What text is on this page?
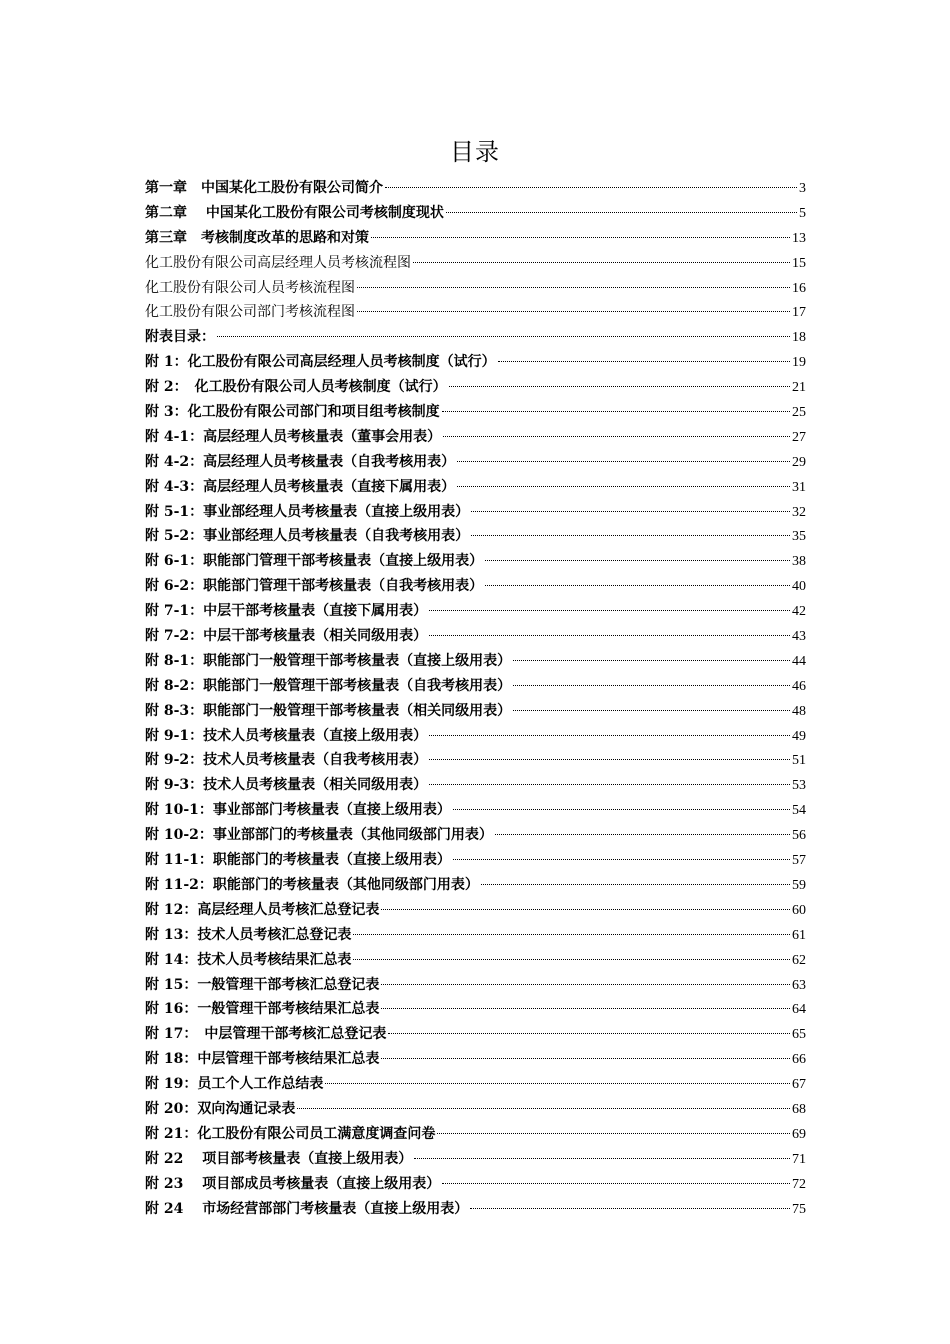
目录
第一章　中国某化工股份有限公司简介	3
第二章　 中国某化工股份有限公司考核制度现状	5
第三章　考核制度改革的思路和对策	13
化工股份有限公司高层经理人员考核流程图	15
化工股份有限公司人员考核流程图	16
化工股份有限公司部门考核流程图	17
附表目录：	18
附 1：化工股份有限公司高层经理人员考核制度（试行）	19
附 2：　化工股份有限公司人员考核制度（试行）	21
附 3：化工股份有限公司部门和项目组考核制度	25
附 4-1：高层经理人员考核量表（董事会用表）	27
附 4-2：高层经理人员考核量表（自我考核用表）	29
附 4-3：高层经理人员考核量表（直接下属用表）	31
附 5-1：事业部经理人员考核量表（直接上级用表）	32
附 5-2：事业部经理人员考核量表（自我考核用表）	35
附 6-1：职能部门管理干部考核量表（直接上级用表）	38
附 6-2：职能部门管理干部考核量表（自我考核用表）	40
附 7-1：中层干部考核量表（直接下属用表）	42
附 7-2：中层干部考核量表（相关同级用表）	43
附 8-1：职能部门一般管理干部考核量表（直接上级用表）	44
附 8-2：职能部门一般管理干部考核量表（自我考核用表）	46
附 8-3：职能部门一般管理干部考核量表（相关同级用表）	48
附 9-1：技术人员考核量表（直接上级用表）	49
附 9-2：技术人员考核量表（自我考核用表）	51
附 9-3：技术人员考核量表（相关同级用表）	53
附 10-1：事业部部门考核量表（直接上级用表）	54
附 10-2：事业部部门的考核量表（其他同级部门用表）	56
附 11-1：职能部门的考核量表（直接上级用表）	57
附 11-2：职能部门的考核量表（其他同级部门用表）	59
附 12：高层经理人员考核汇总登记表	60
附 13：技术人员考核汇总登记表	61
附 14：技术人员考核结果汇总表	62
附 15：一般管理干部考核汇总登记表	63
附 16：一般管理干部考核结果汇总表	64
附 17：　中层管理干部考核汇总登记表	65
附 18：中层管理干部考核结果汇总表	66
附 19：员工个人工作总结表	67
附 20：双向沟通记录表	68
附 21：化工股份有限公司员工满意度调查问卷	69
附 22　 项目部考核量表（直接上级用表）	71
附 23　 项目部成员考核量表（直接上级用表）	72
附 24　 市场经营部部门考核量表（直接上级用表）	75
